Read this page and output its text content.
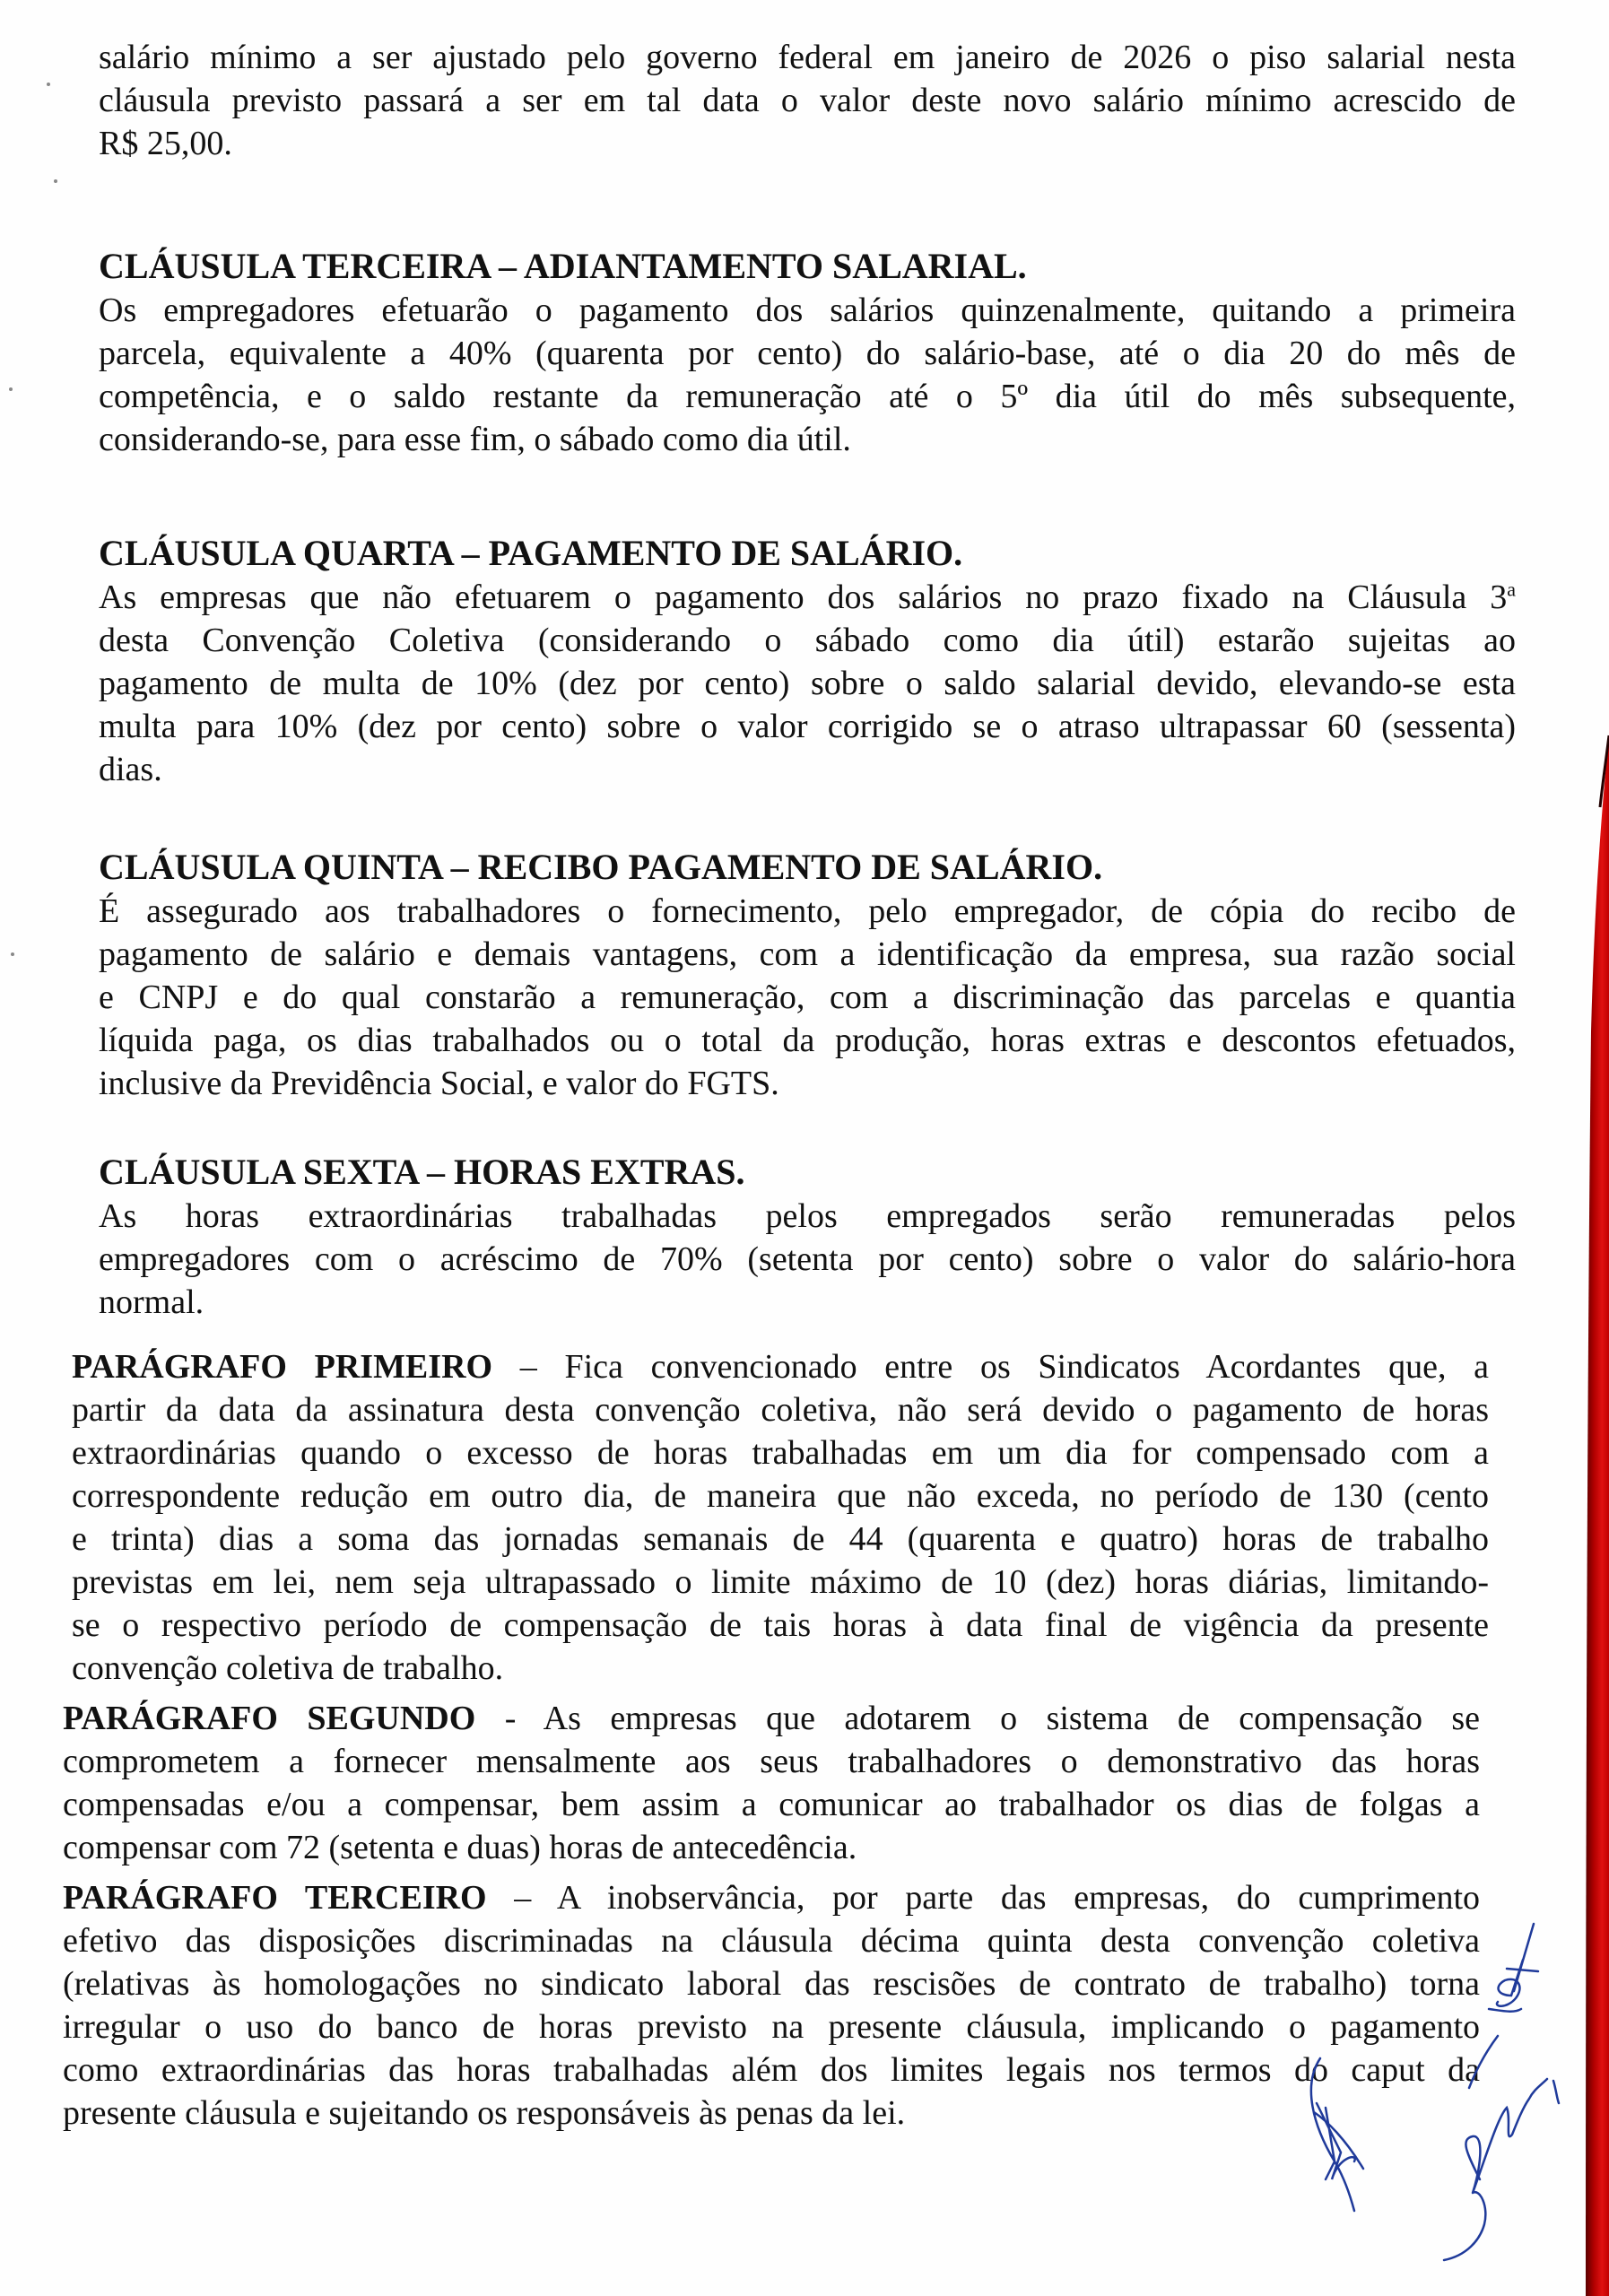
salário mínimo a ser ajustado pelo governo federal em janeiro de 2026 o piso salarial nesta
cláusula previsto passará a ser em tal data o valor deste novo salário mínimo acrescido de
R$ 25,00.
CLÁUSULA TERCEIRA – ADIANTAMENTO SALARIAL.
Os empregadores efetuarão o pagamento dos salários quinzenalmente, quitando a primeira
parcela, equivalente a 40% (quarenta por cento) do salário-base, até o dia 20 do mês de
competência, e o saldo restante da remuneração até o 5º dia útil do mês subsequente,
considerando-se, para esse fim, o sábado como dia útil.
CLÁUSULA QUARTA – PAGAMENTO DE SALÁRIO.
As empresas que não efetuarem o pagamento dos salários no prazo fixado na Cláusula 3$^a$
desta Convenção Coletiva (considerando o sábado como dia útil) estarão sujeitas ao
pagamento de multa de 10% (dez por cento) sobre o saldo salarial devido, elevando-se esta
multa para 10% (dez por cento) sobre o valor corrigido se o atraso ultrapassar 60 (sessenta)
dias.
CLÁUSULA QUINTA – RECIBO PAGAMENTO DE SALÁRIO.
É assegurado aos trabalhadores o fornecimento, pelo empregador, de cópia do recibo de
pagamento de salário e demais vantagens, com a identificação da empresa, sua razão social
e CNPJ e do qual constarão a remuneração, com a discriminação das parcelas e quantia
líquida paga, os dias trabalhados ou o total da produção, horas extras e descontos efetuados,
inclusive da Previdência Social, e valor do FGTS.
CLÁUSULA SEXTA – HORAS EXTRAS.
As horas extraordinárias trabalhadas pelos empregados serão remuneradas pelos
empregadores com o acréscimo de 70% (setenta por cento) sobre o valor do salário-hora
normal.
PARÁGRAFO PRIMEIRO – Fica convencionado entre os Sindicatos Acordantes que, a
partir da data da assinatura desta convenção coletiva, não será devido o pagamento de horas
extraordinárias quando o excesso de horas trabalhadas em um dia for compensado com a
correspondente redução em outro dia, de maneira que não exceda, no período de 130 (cento
e trinta) dias a soma das jornadas semanais de 44 (quarenta e quatro) horas de trabalho
previstas em lei, nem seja ultrapassado o limite máximo de 10 (dez) horas diárias, limitando-
se o respectivo período de compensação de tais horas à data final de vigência da presente
convenção coletiva de trabalho.
PARÁGRAFO SEGUNDO - As empresas que adotarem o sistema de compensação se
comprometem a fornecer mensalmente aos seus trabalhadores o demonstrativo das horas
compensadas e/ou a compensar, bem assim a comunicar ao trabalhador os dias de folgas a
compensar com 72 (setenta e duas) horas de antecedência.
PARÁGRAFO TERCEIRO – A inobservância, por parte das empresas, do cumprimento
efetivo das disposições discriminadas na cláusula décima quinta desta convenção coletiva
(relativas às homologações no sindicato laboral das rescisões de contrato de trabalho) torna
irregular o uso do banco de horas previsto na presente cláusula, implicando o pagamento
como extraordinárias das horas trabalhadas além dos limites legais nos termos do caput da
presente cláusula e sujeitando os responsáveis às penas da lei.
